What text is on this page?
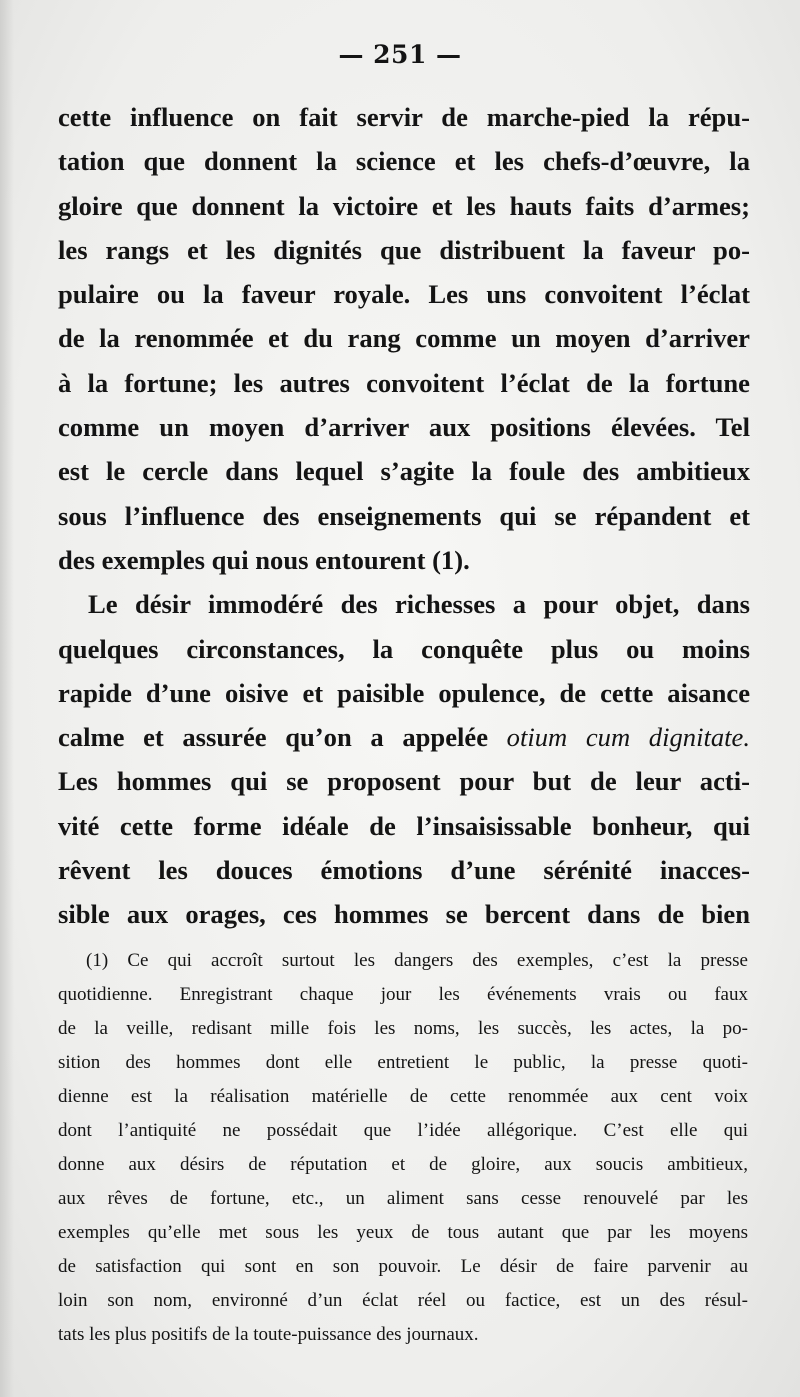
— 251 —
cette influence on fait servir de marche-pied la répu-
tation que donnent la science et les chefs-d’œuvre, la
gloire que donnent la victoire et les hauts faits d’armes;
les rangs et les dignités que distribuent la faveur po-
pulaire ou la faveur royale. Les uns convoitent l’éclat
de la renommée et du rang comme un moyen d’arriver
à la fortune; les autres convoitent l’éclat de la fortune
comme un moyen d’arriver aux positions élevées. Tel
est le cercle dans lequel s’agite la foule des ambitieux
sous l’influence des enseignements qui se répandent et
des exemples qui nous entourent (1).
Le désir immodéré des richesses a pour objet, dans
quelques circonstances, la conquête plus ou moins
rapide d’une oisive et paisible opulence, de cette aisance
calme et assurée qu’on a appelée otium cum dignitate.
Les hommes qui se proposent pour but de leur acti-
vité cette forme idéale de l’insaisissable bonheur, qui
rêvent les douces émotions d’une sérénité inacces-
sible aux orages, ces hommes se bercent dans de bien
(1) Ce qui accroît surtout les dangers des exemples, c’est la presse
quotidienne. Enregistrant chaque jour les événements vrais ou faux
de la veille, redisant mille fois les noms, les succès, les actes, la po-
sition des hommes dont elle entretient le public, la presse quoti-
dienne est la réalisation matérielle de cette renommée aux cent voix
dont l’antiquité ne possédait que l’idée allégorique. C’est elle qui
donne aux désirs de réputation et de gloire, aux soucis ambitieux,
aux rêves de fortune, etc., un aliment sans cesse renouvelé par les
exemples qu’elle met sous les yeux de tous autant que par les moyens
de satisfaction qui sont en son pouvoir. Le désir de faire parvenir au
loin son nom, environné d’un éclat réel ou factice, est un des résul-
tats les plus positifs de la toute-puissance des journaux.
